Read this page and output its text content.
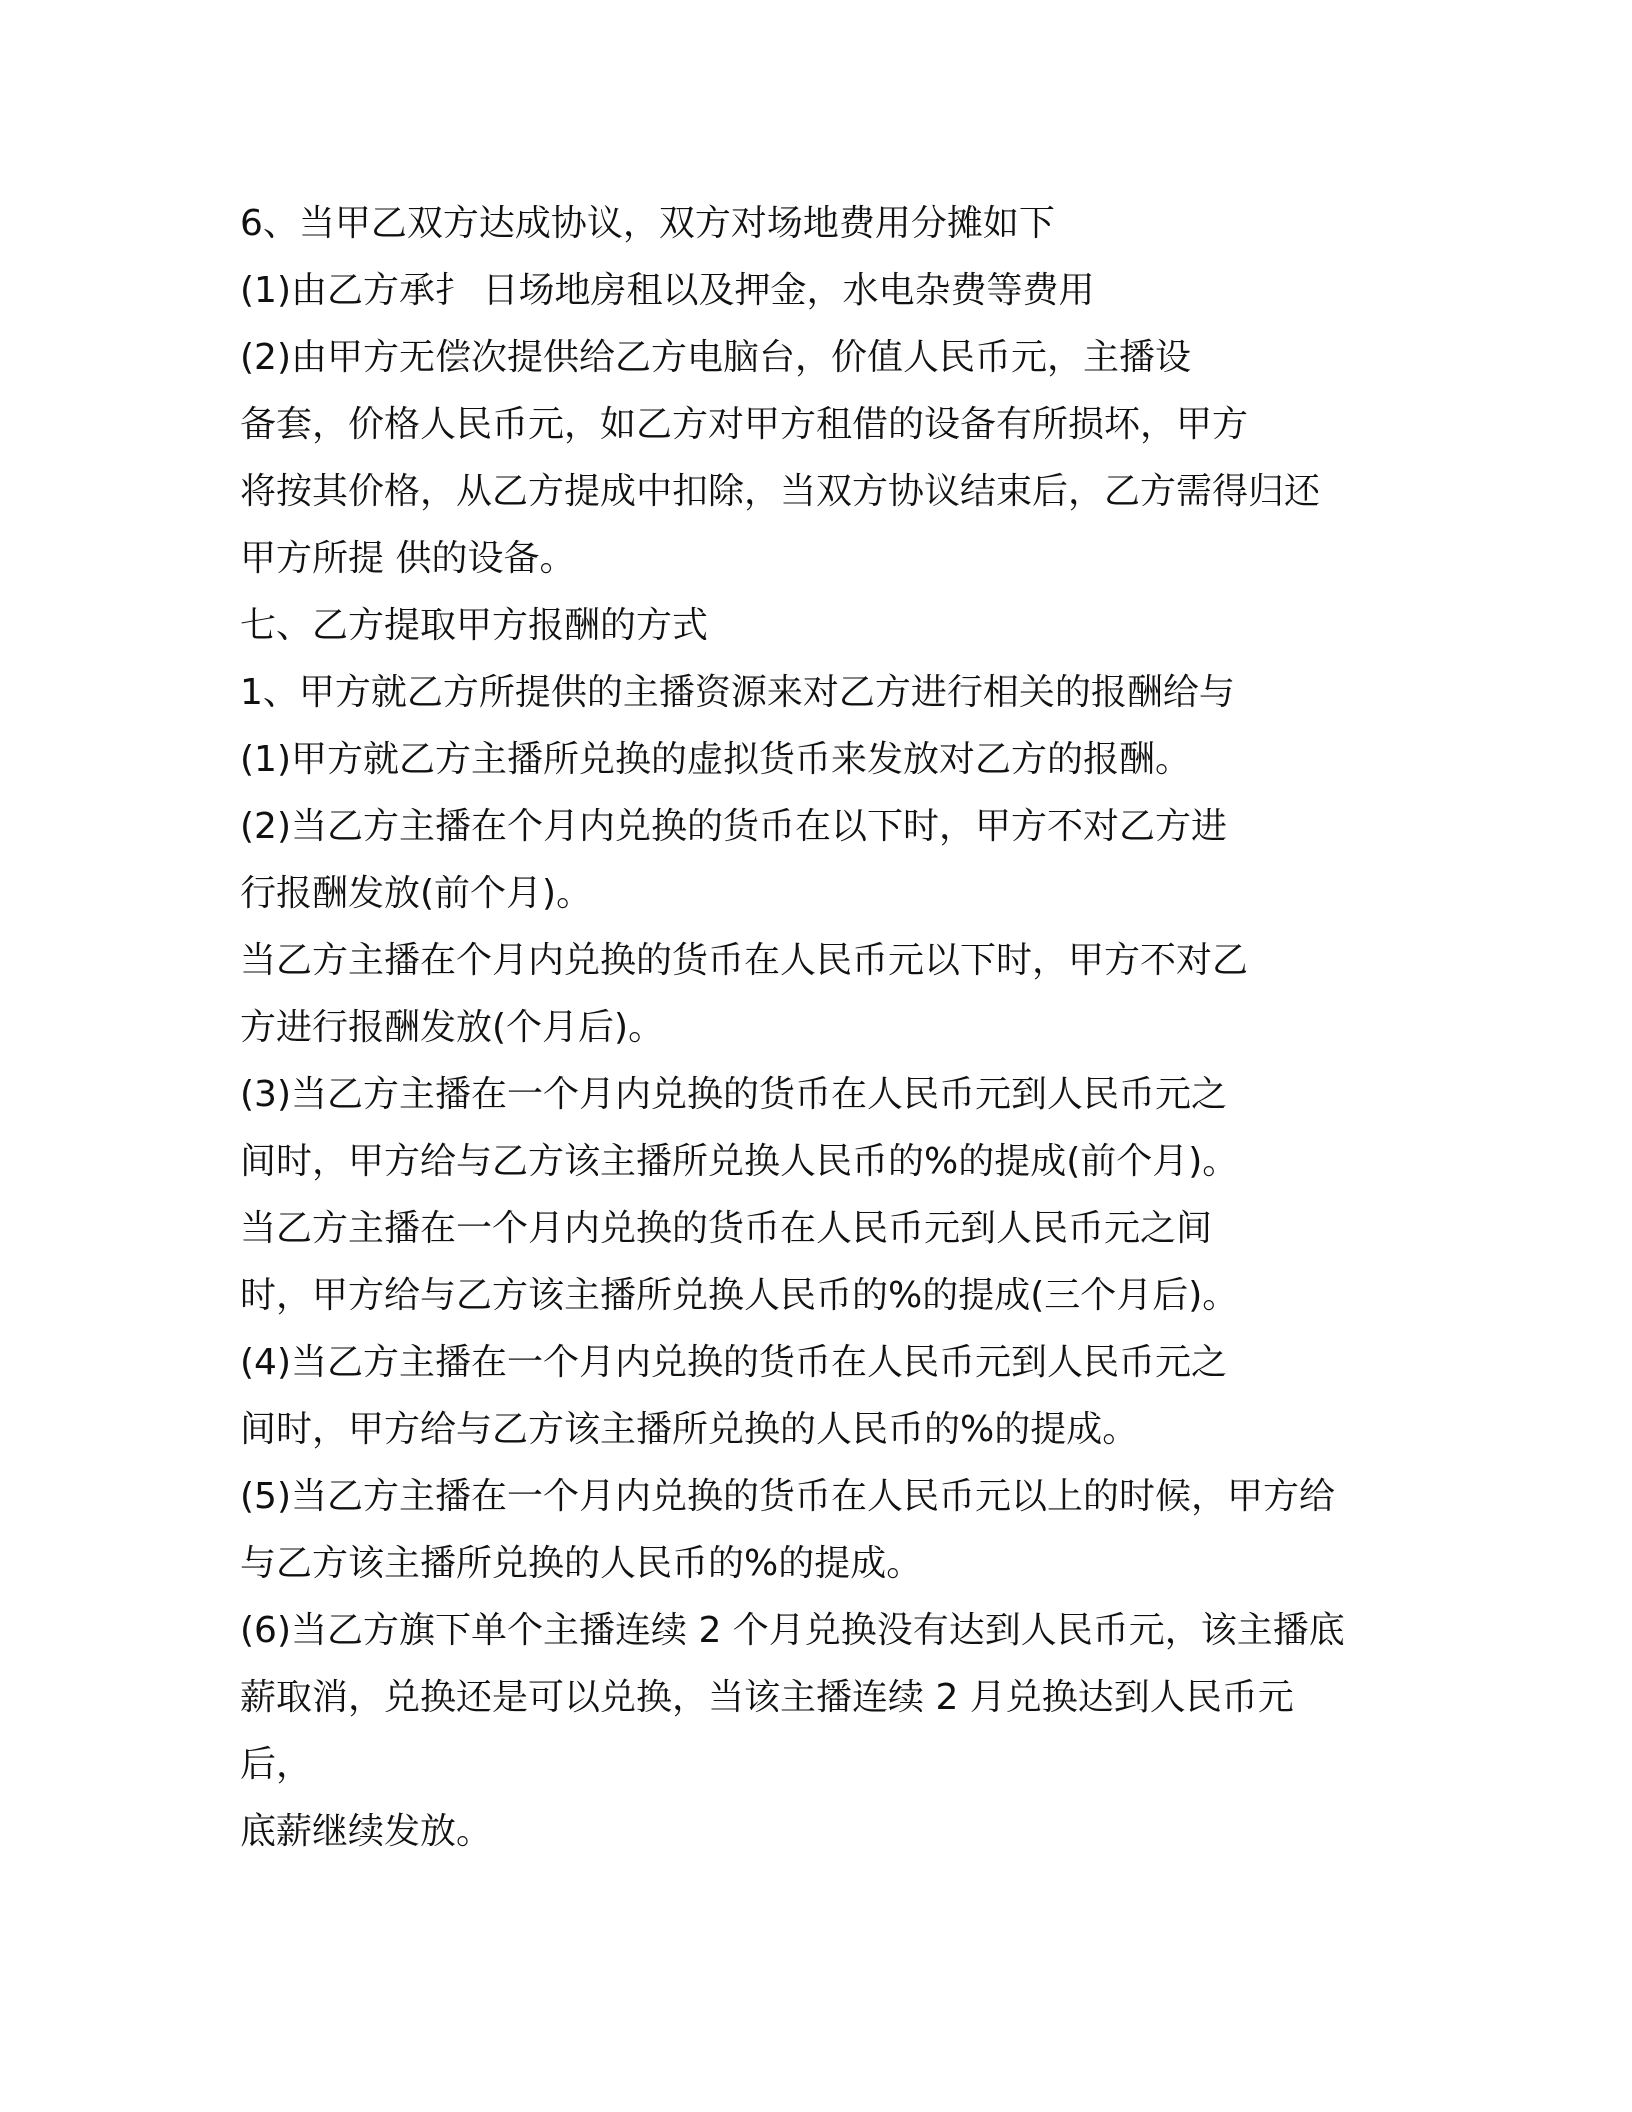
6、当甲乙双方达成协议，双方对场地费用分摊如下

(1)由乙方承扌 日场地房租以及押金，水电杂费等费用

(2)由甲方无偿次提供给乙方电脑台，价值人民币元，主播设

备套，价格人民币元，如乙方对甲方租借的设备有所损坏，甲方

将按其价格，从乙方提成中扣除，当双方协议结束后，乙方需得归还

甲方所提 供的设备。

七、乙方提取甲方报酬的方式

1、甲方就乙方所提供的主播资源来对乙方进行相关的报酬给与

(1)甲方就乙方主播所兑换的虚拟货币来发放对乙方的报酬。

(2)当乙方主播在个月内兑换的货币在以下时，甲方不对乙方进

行报酬发放(前个月)。

当乙方主播在个月内兑换的货币在人民币元以下时，甲方不对乙

方进行报酬发放(个月后)。

(3)当乙方主播在一个月内兑换的货币在人民币元到人民币元之

间时，甲方给与乙方该主播所兑换人民币的%的提成(前个月)。

当乙方主播在一个月内兑换的货币在人民币元到人民币元之间

时，甲方给与乙方该主播所兑换人民币的%的提成(三个月后)。

(4)当乙方主播在一个月内兑换的货币在人民币元到人民币元之

间时，甲方给与乙方该主播所兑换的人民币的%的提成。

(5)当乙方主播在一个月内兑换的货币在人民币元以上的时候，甲方给

与乙方该主播所兑换的人民币的%的提成。

(6)当乙方旗下单个主播连续 2 个月兑换没有达到人民币元，该主播底

薪取消，兑换还是可以兑换，当该主播连续 2 月兑换达到人民币元

后，

底薪继续发放。
